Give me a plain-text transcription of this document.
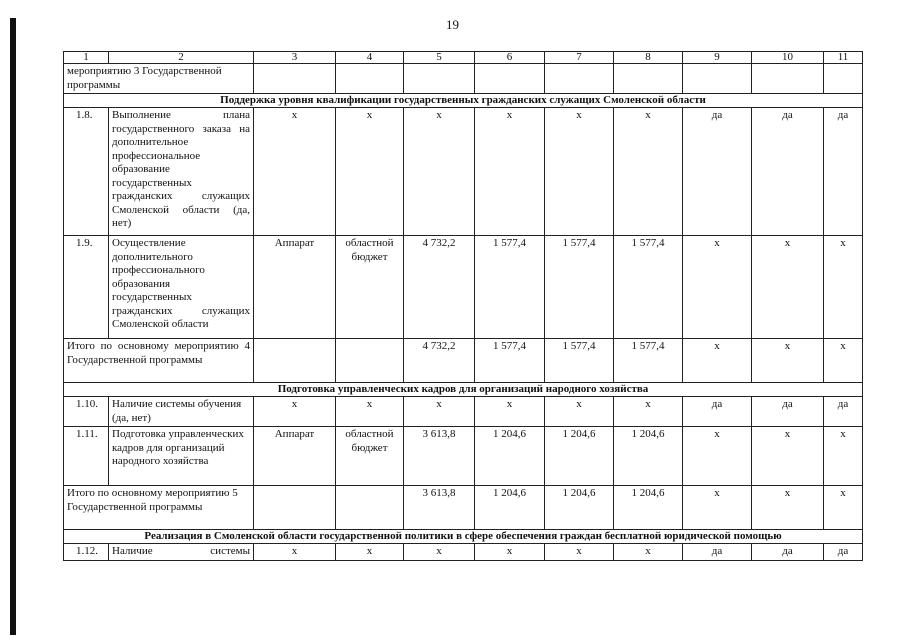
19
1	2	3	4	5	6	7	8	9	10	11
мероприятию 3 Государственной программы										
Поддержка уровня квалификации государственных гражданских служащих Смоленской области										
1.8.	Выполнение плана государственного заказа на дополнительное профессиональное образование государственных гражданских служащих Смоленской области (да, нет)	х	х	х	х	х	х	да	да	да
1.9.	Осуществление дополнительного профессионального образования государственных гражданских служащих Смоленской области	Аппарат	областной бюджет	4 732,2	1 577,4	1 577,4	1 577,4	х	х	х
Итого по основному мероприятию 4 Государственной программы				4 732,2	1 577,4	1 577,4	1 577,4	х	х	х
Подготовка управленческих кадров для организаций народного хозяйства										
1.10.	Наличие системы обучения (да, нет)	х	х	х	х	х	х	да	да	да
1.11.	Подготовка управленческих кадров для организаций народного хозяйства	Аппарат	областной бюджет	3 613,8	1 204,6	1 204,6	1 204,6	х	х	х
Итого по основному мероприятию 5 Государственной программы				3 613,8	1 204,6	1 204,6	1 204,6	х	х	х
Реализация в Смоленской области государственной политики в сфере обеспечения граждан бесплатной юридической помощью										
1.12.	Наличие системы	х	х	х	х	х	х	да	да	да
